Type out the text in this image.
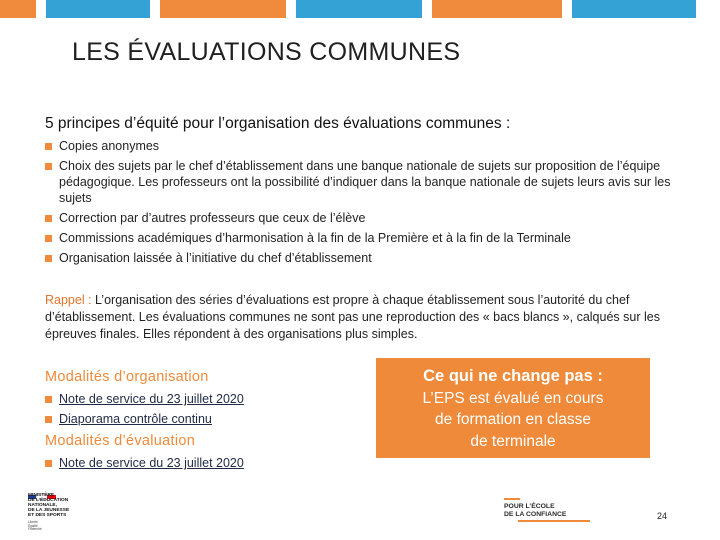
LES ÉVALUATIONS COMMUNES
5 principes d’équité pour l’organisation des évaluations communes :
Copies anonymes
Choix des sujets par le chef d’établissement dans une banque nationale de sujets sur proposition de l’équipe pédagogique. Les professeurs ont la possibilité d’indiquer dans la banque nationale de sujets leurs avis sur les sujets
Correction par d’autres professeurs que ceux de l’élève
Commissions académiques d’harmonisation à la fin de la Première et à la fin de la Terminale
Organisation laissée à l’initiative du chef d’établissement
Rappel : L’organisation des séries d’évaluations est propre à chaque établissement sous l’autorité du chef d’établissement. Les évaluations communes ne sont pas une reproduction des « bacs blancs », calqués sur les épreuves finales. Elles répondent à des organisations plus simples.
Modalités d’organisation
Note de service du 23 juillet 2020
Diaporama contrôle continu
Modalités d’évaluation
Note de service du 23 juillet 2020
Ce qui ne change pas :
L’EPS est évalué en cours
de formation en classe
de terminale
MINISTÈRE
DE L’ÉDUCATION
NATIONALE,
DE LA JEUNESSE
ET DES SPORTS
Liberté
Égalité
Fraternité
POUR L’ÉCOLE
DE LA CONFIANCE	24
